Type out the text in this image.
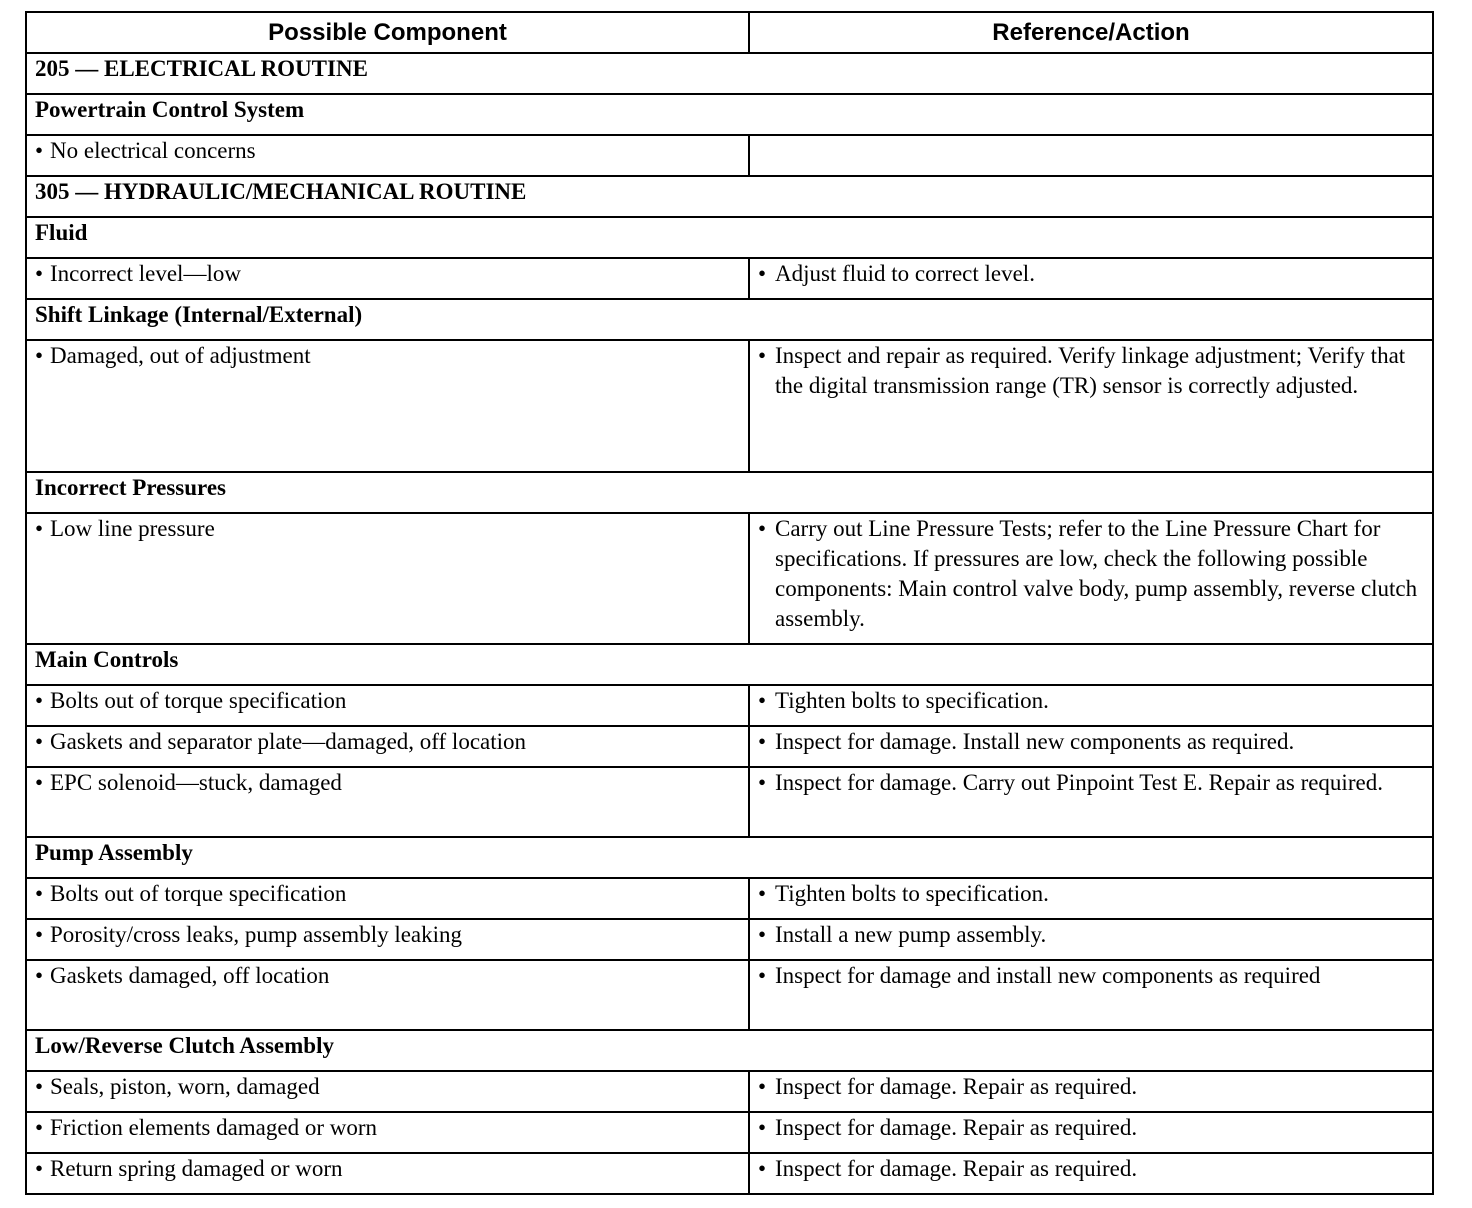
Possible Component	Reference/Action
205 — ELECTRICAL ROUTINE	
Powertrain Control System	
• No electrical concerns	
305 — HYDRAULIC/MECHANICAL ROUTINE	
Fluid	
• Incorrect level—low	• Adjust fluid to correct level.

Shift Linkage (Internal/External)	
• Damaged, out of adjustment	• Inspect and repair as required. Verify linkage adjustment; Verify that the digital transmission range (TR) sensor is correctly adjusted.

Incorrect Pressures	
• Low line pressure	• Carry out Line Pressure Tests; refer to the Line Pressure Chart for specifications. If pressures are low, check the following possible components: Main control valve body, pump assembly, reverse clutch assembly.

Main Controls	
• Bolts out of torque specification	• Tighten bolts to specification.

• Gaskets and separator plate—damaged, off location	• Inspect for damage. Install new components as required.

• EPC solenoid—stuck, damaged	• Inspect for damage. Carry out Pinpoint Test E. Repair as required.

Pump Assembly	
• Bolts out of torque specification	• Tighten bolts to specification.

• Porosity/cross leaks, pump assembly leaking	• Install a new pump assembly.

• Gaskets damaged, off location	• Inspect for damage and install new components as required

Low/Reverse Clutch Assembly	
• Seals, piston, worn, damaged	• Inspect for damage. Repair as required.

• Friction elements damaged or worn	• Inspect for damage. Repair as required.

• Return spring damaged or worn	• Inspect for damage. Repair as required.
